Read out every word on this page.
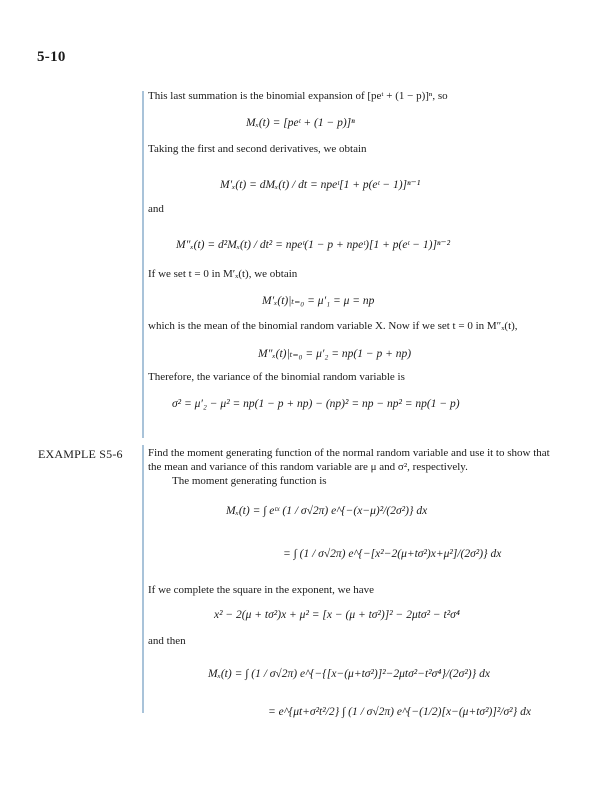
5-10
This last summation is the binomial expansion of [peᵗ + (1 − p)]ⁿ, so
Mₓ(t) = [peᵗ + (1 − p)]ⁿ
Taking the first and second derivatives, we obtain
M′ₓ(t) = dMₓ(t) / dt = npeᵗ[1 + p(eᵗ − 1)]ⁿ⁻¹
and
M″ₓ(t) = d²Mₓ(t) / dt² = npeᵗ(1 − p + npeᵗ)[1 + p(eᵗ − 1)]ⁿ⁻²
If we set t = 0 in M′ₓ(t), we obtain
M′ₓ(t)|ₜ₌₀ = μ′₁ = μ = np
which is the mean of the binomial random variable X. Now if we set t = 0 in M″ₓ(t),
M″ₓ(t)|ₜ₌₀ = μ′₂ = np(1 − p + np)
Therefore, the variance of the binomial random variable is
σ² = μ′₂ − μ² = np(1 − p + np) − (np)² = np − np² = np(1 − p)
EXAMPLE S5-6 Find the moment generating function of the normal random variable and use it to show that
the mean and variance of this random variable are μ and σ², respectively.
The moment generating function is
Mₓ(t) = ∫ eᵗˣ (1 / σ√2π) e^{−(x−μ)²/(2σ²)} dx
= ∫ (1 / σ√2π) e^{−[x²−2(μ+tσ²)x+μ²]/(2σ²)} dx
If we complete the square in the exponent, we have
x² − 2(μ + tσ²)x + μ² = [x − (μ + tσ²)]² − 2μtσ² − t²σ⁴
and then
Mₓ(t) = ∫ (1 / σ√2π) e^{−{[x−(μ+tσ²)]²−2μtσ²−t²σ⁴}/(2σ²)} dx
= e^{μt+σ²t²/2} ∫ (1 / σ√2π) e^{−(1/2)[x−(μ+tσ²)]²/σ²} dx
